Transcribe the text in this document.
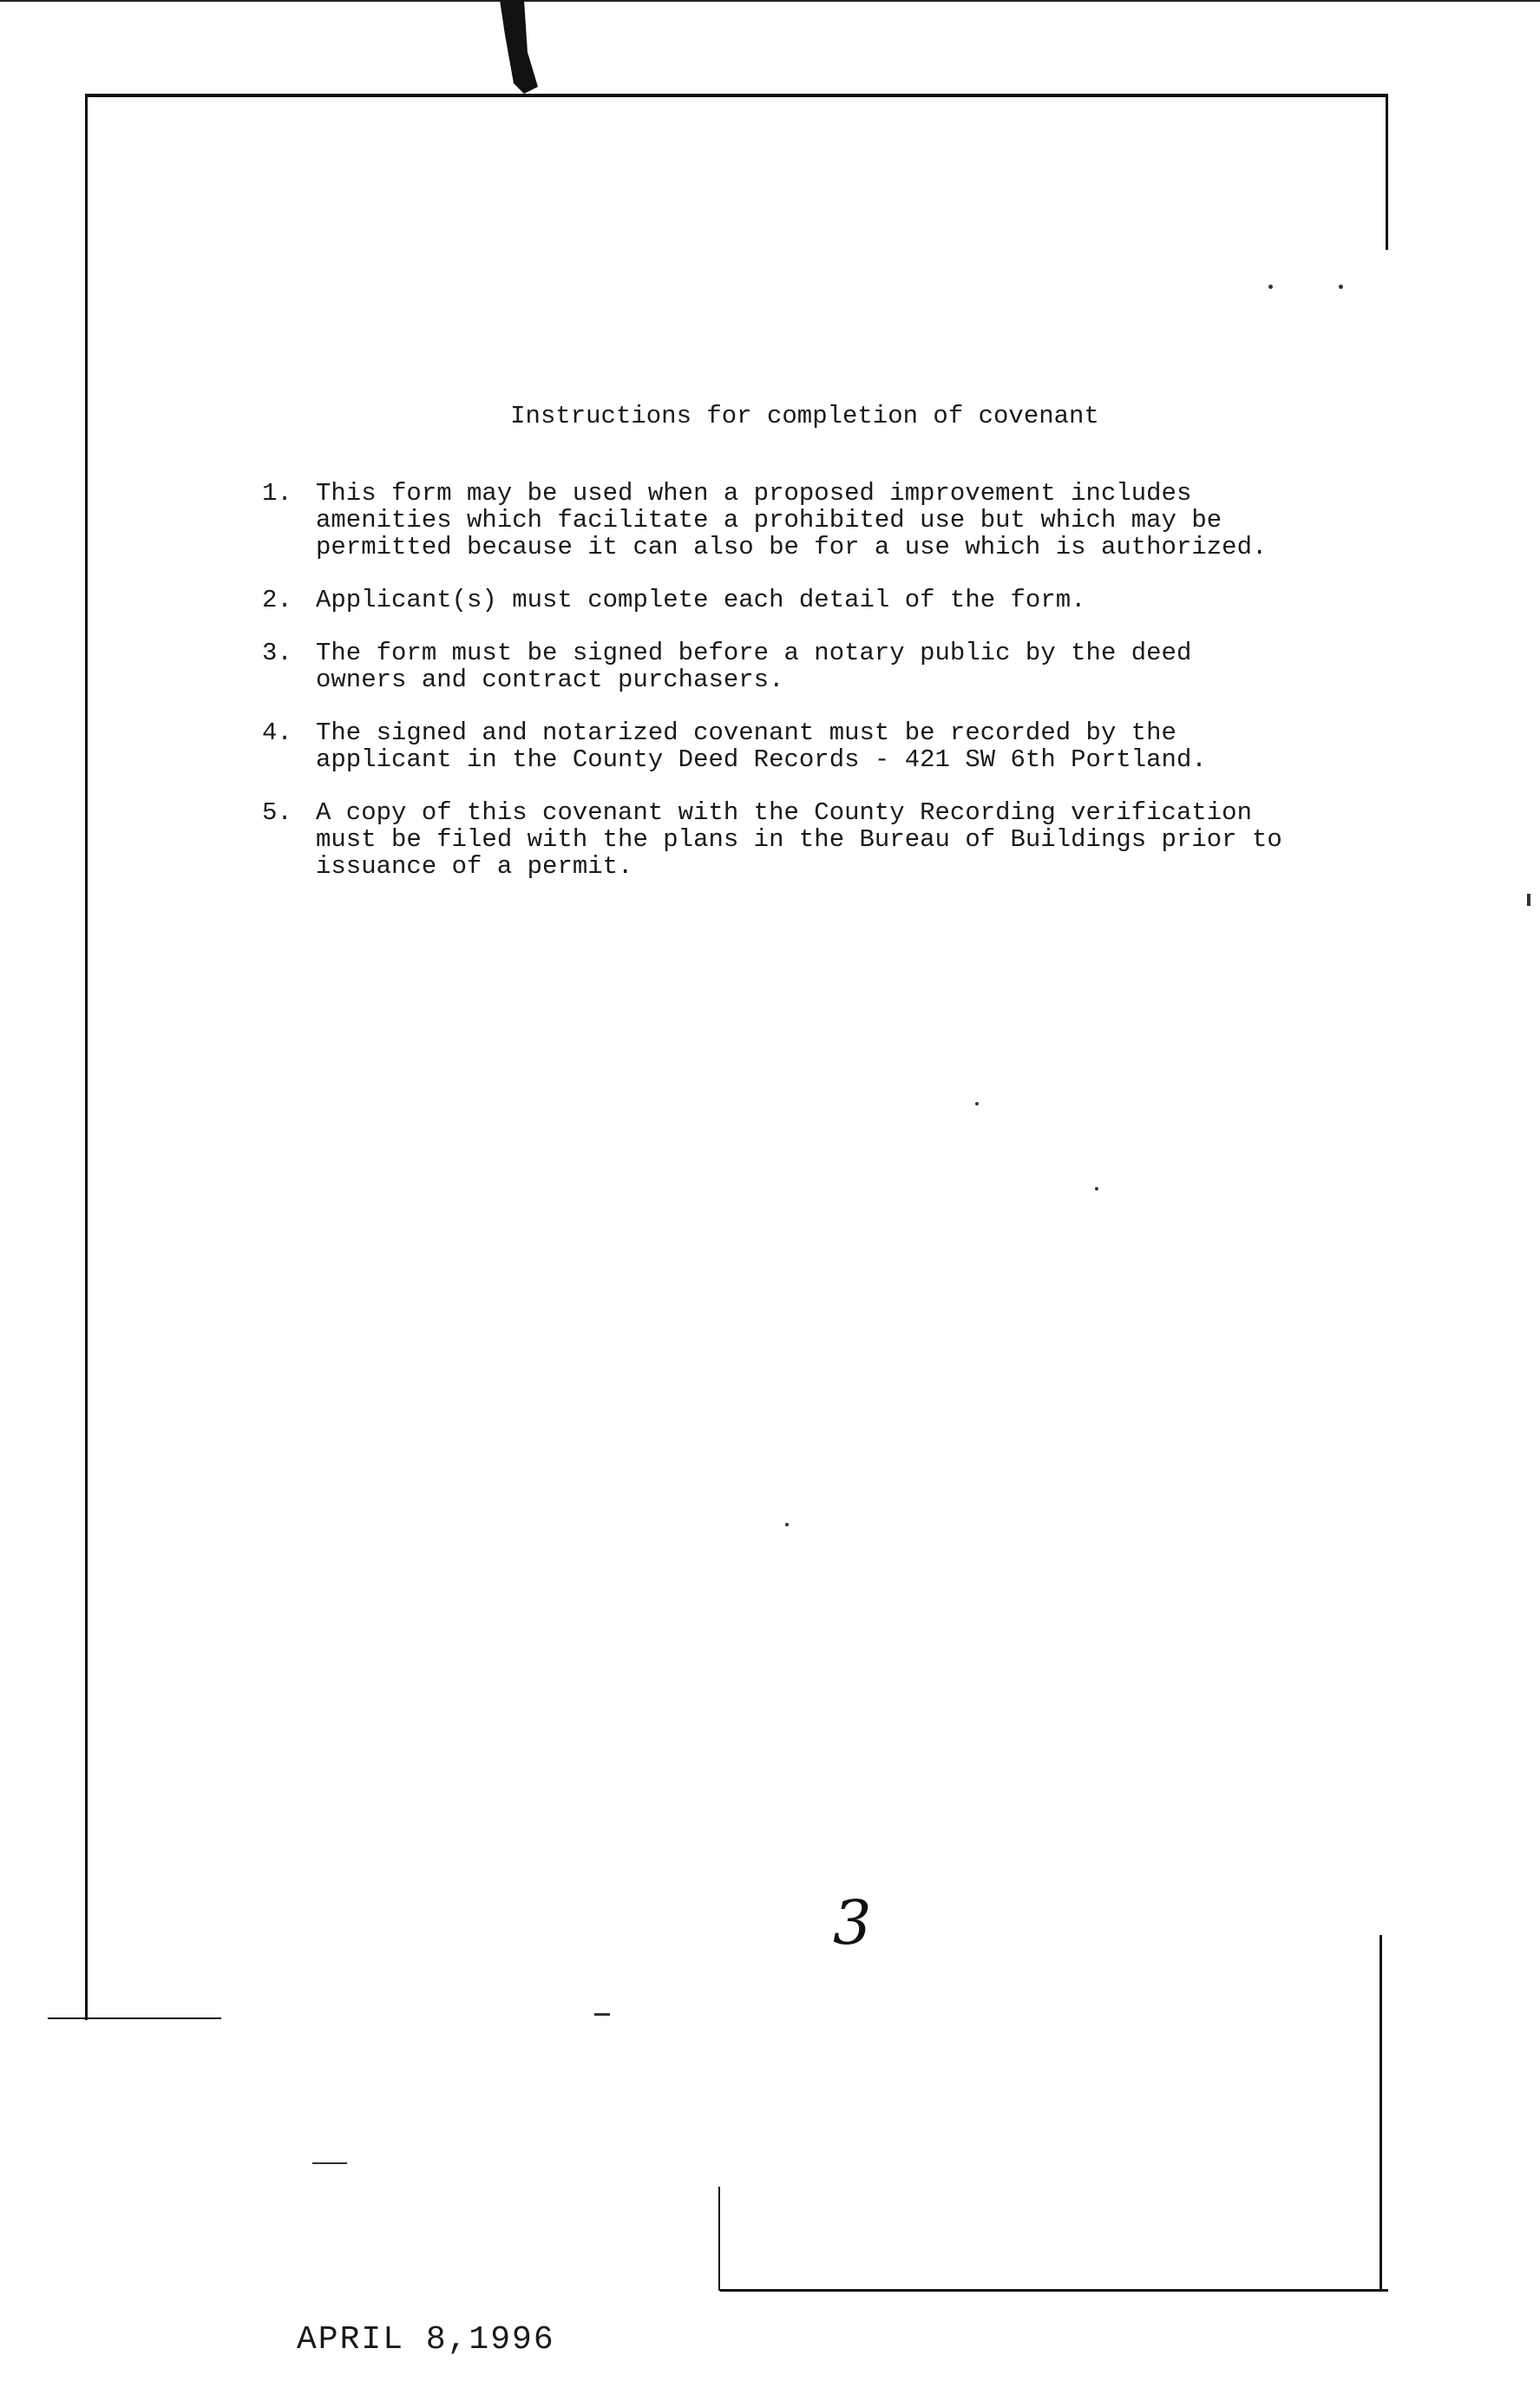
Instructions for completion of covenant
1. This form may be used when a proposed improvement includes
amenities which facilitate a prohibited use but which may be
permitted because it can also be for a use which is authorized.
2. Applicant(s) must complete each detail of the form.
3. The form must be signed before a notary public by the deed
owners and contract purchasers.
4. The signed and notarized covenant must be recorded by the
applicant in the County Deed Records - 421 SW 6th Portland.
5. A copy of this covenant with the County Recording verification
must be filed with the plans in the Bureau of Buildings prior to
issuance of a permit.
3
APRIL 8,1996
